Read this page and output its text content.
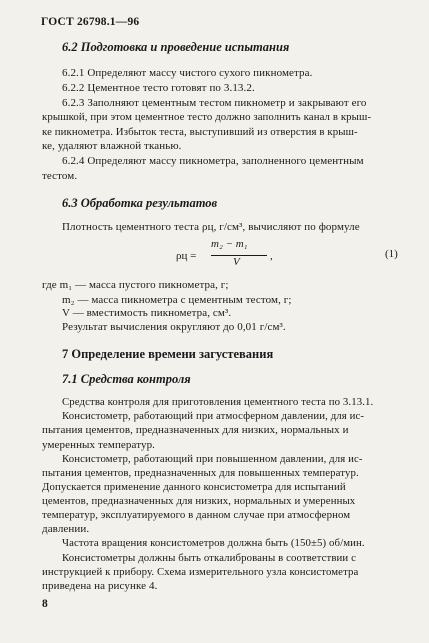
ГОСТ 26798.1—96
6.2 Подготовка и проведение испытания
6.2.1 Определяют массу чистого сухого пикнометра.
6.2.2 Цементное тесто готовят по 3.13.2.
6.2.3 Заполняют цементным тестом пикнометр и закрывают его
крышкой, при этом цементное тесто должно заполнить канал в крыш-
ке пикнометра. Избыток теста, выступивший из отверстия в крыш-
ке, удаляют влажной тканью.
6.2.4 Определяют массу пикнометра, заполненного цементным
тестом.
6.3 Обработка результатов
Плотность цементного теста ρц, г/см³, вычисляют по формуле
ρц =
m₂ − m₁
V	,	(1)
где m₁ — масса пустого пикнометра, г;
m₂ — масса пикнометра с цементным тестом, г;
V — вместимость пикнометра, см³.
Результат вычисления округляют до 0,01 г/см³.
7 Определение времени загустевания
7.1 Средства контроля
Средства контроля для приготовления цементного теста по 3.13.1.
Консистометр, работающий при атмосферном давлении, для ис-
пытания цементов, предназначенных для низких, нормальных и
умеренных температур.
Консистометр, работающий при повышенном давлении, для ис-
пытания цементов, предназначенных для повышенных температур.
Допускается применение данного консистометра для испытаний
цементов, предназначенных для низких, нормальных и умеренных
температур, эксплуатируемого в данном случае при атмосферном
давлении.
Частота вращения консистометров должна быть (150±5) об/мин.
Консистометры должны быть откалиброваны в соответствии с
инструкцией к прибору. Схема измерительного узла консистометра
приведена на рисунке 4.
8
